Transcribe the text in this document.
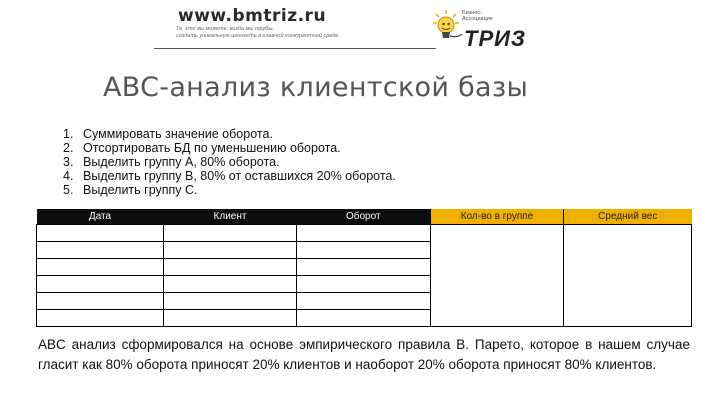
www.bmtriz.ru
Те, кто вы можете, когда мы трубы,
создать уникальную ценность в главной конкурентной среде
Бизнес-
Ассоциация
ТРИЗ
ABC-анализ клиентской базы
1. Суммировать значение оборота.
2. Отсортировать БД по уменьшению оборота.
3. Выделить группу А, 80% оборота.
4. Выделить группу В, 80% от оставшихся 20% оборота.
5. Выделить группу С.
Дата	Клиент	Оборот	Кол-во в группе	Средний вес

ABC анализ сформировался на основе эмпирического правила В. Парето, которое в нашем случае гласит как 80% оборота приносят 20% клиентов и наоборот 20% оборота приносят 80% клиентов.
